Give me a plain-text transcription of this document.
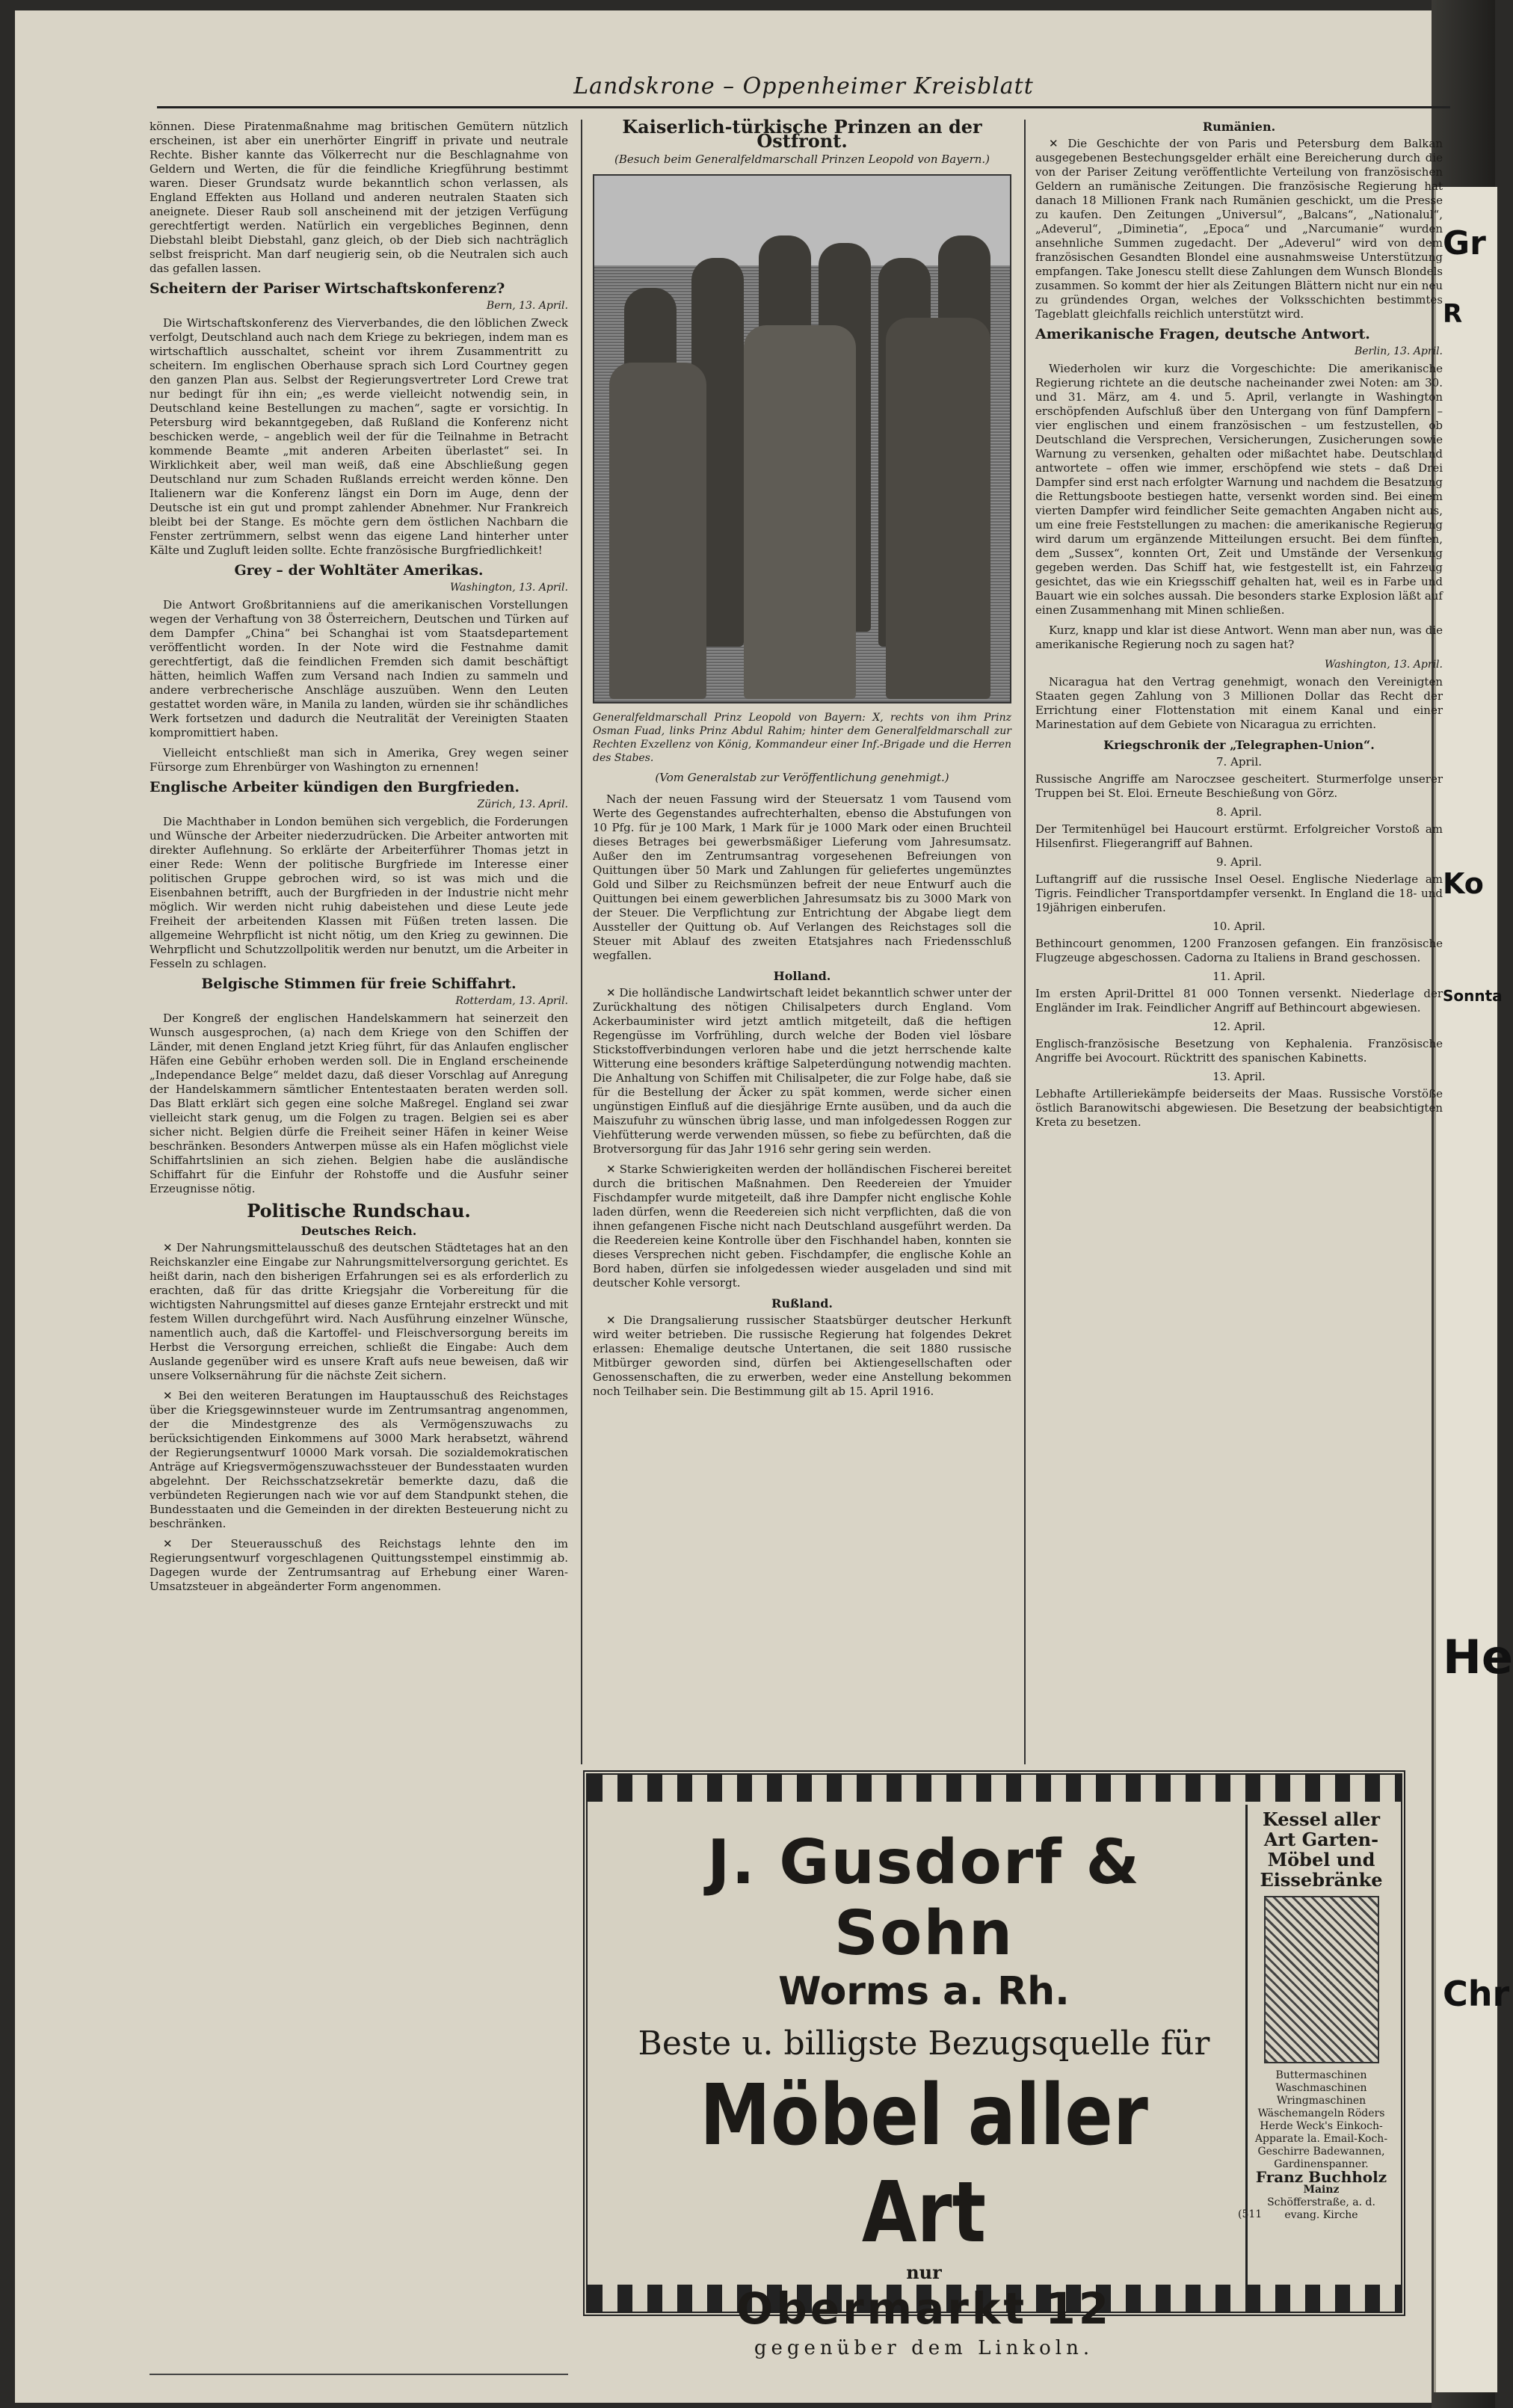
Gr
R
Ko
Sonnta
He
Chr
Landskrone – Oppenheimer Kreisblatt

können. Diese Piratenmaßnahme mag britischen Gemütern nützlich erscheinen, ist aber ein unerhörter Eingriff in private und neutrale Rechte. Bisher kannte das Völkerrecht nur die Beschlagnahme von Geldern und Werten, die für die feindliche Kriegführung bestimmt waren. Dieser Grundsatz wurde bekanntlich schon verlassen, als England Effekten aus Holland und anderen neutralen Staaten sich aneignete. Dieser Raub soll anscheinend mit der jetzigen Verfügung gerechtfertigt werden. Natürlich ein vergebliches Beginnen, denn Diebstahl bleibt Diebstahl, ganz gleich, ob der Dieb sich nachträglich selbst freispricht. Man darf neugierig sein, ob die Neutralen sich auch das gefallen lassen.

Scheitern der Pariser Wirtschaftskonferenz?
Bern, 13. April.

Die Wirtschaftskonferenz des Vierverbandes, die den löblichen Zweck verfolgt, Deutschland auch nach dem Kriege zu bekriegen, indem man es wirtschaftlich ausschaltet, scheint vor ihrem Zusammentritt zu scheitern. Im englischen Oberhause sprach sich Lord Courtney gegen den ganzen Plan aus. Selbst der Regierungsvertreter Lord Crewe trat nur bedingt für ihn ein; „es werde vielleicht notwendig sein, in Deutschland keine Bestellungen zu machen“, sagte er vorsichtig. In Petersburg wird bekanntgegeben, daß Rußland die Konferenz nicht beschicken werde, – angeblich weil der für die Teilnahme in Betracht kommende Beamte „mit anderen Arbeiten überlastet“ sei. In Wirklichkeit aber, weil man weiß, daß eine Abschließung gegen Deutschland nur zum Schaden Rußlands erreicht werden könne. Den Italienern war die Konferenz längst ein Dorn im Auge, denn der Deutsche ist ein gut und prompt zahlender Abnehmer. Nur Frankreich bleibt bei der Stange. Es möchte gern dem östlichen Nachbarn die Fenster zertrümmern, selbst wenn das eigene Land hinterher unter Kälte und Zugluft leiden sollte. Echte französische Burgfriedlichkeit!

Grey – der Wohltäter Amerikas.
Washington, 13. April.

Die Antwort Großbritanniens auf die amerikanischen Vorstellungen wegen der Verhaftung von 38 Österreichern, Deutschen und Türken auf dem Dampfer „China“ bei Schanghai ist vom Staatsdepartement veröffentlicht worden. In der Note wird die Festnahme damit gerechtfertigt, daß die feindlichen Fremden sich damit beschäftigt hätten, heimlich Waffen zum Versand nach Indien zu sammeln und andere verbrecherische Anschläge auszuüben. Wenn den Leuten gestattet worden wäre, in Manila zu landen, würden sie ihr schändliches Werk fortsetzen und dadurch die Neutralität der Vereinigten Staaten kompromittiert haben.

Vielleicht entschließt man sich in Amerika, Grey wegen seiner Fürsorge zum Ehrenbürger von Washington zu ernennen!

Englische Arbeiter kündigen den Burgfrieden.
Zürich, 13. April.

Die Machthaber in London bemühen sich vergeblich, die Forderungen und Wünsche der Arbeiter niederzudrücken. Die Arbeiter antworten mit direkter Auflehnung. So erklärte der Arbeiterführer Thomas jetzt in einer Rede: Wenn der politische Burgfriede im Interesse einer politischen Gruppe gebrochen wird, so ist was mich und die Eisenbahnen betrifft, auch der Burgfrieden in der Industrie nicht mehr möglich. Wir werden nicht ruhig dabeistehen und diese Leute jede Freiheit der arbeitenden Klassen mit Füßen treten lassen. Die allgemeine Wehrpflicht ist nicht nötig, um den Krieg zu gewinnen. Die Wehrpflicht und Schutzzollpolitik werden nur benutzt, um die Arbeiter in Fesseln zu schlagen.

Belgische Stimmen für freie Schiffahrt.
Rotterdam, 13. April.

Der Kongreß der englischen Handelskammern hat seinerzeit den Wunsch ausgesprochen, (a) nach dem Kriege von den Schiffen der Länder, mit denen England jetzt Krieg führt, für das Anlaufen englischer Häfen eine Gebühr erhoben werden soll. Die in England erscheinende „Independance Belge“ meldet dazu, daß dieser Vorschlag auf Anregung der Handelskammern sämtlicher Ententestaaten beraten werden soll. Das Blatt erklärt sich gegen eine solche Maßregel. England sei zwar vielleicht stark genug, um die Folgen zu tragen. Belgien sei es aber sicher nicht. Belgien dürfe die Freiheit seiner Häfen in keiner Weise beschränken. Besonders Antwerpen müsse als ein Hafen möglichst viele Schiffahrtslinien an sich ziehen. Belgien habe die ausländische Schiffahrt für die Einfuhr der Rohstoffe und die Ausfuhr seiner Erzeugnisse nötig.

Politische Rundschau.
Deutsches Reich.

✕ Der Nahrungsmittelausschuß des deutschen Städtetages hat an den Reichskanzler eine Eingabe zur Nahrungsmittelversorgung gerichtet. Es heißt darin, nach den bisherigen Erfahrungen sei es als erforderlich zu erachten, daß für das dritte Kriegsjahr die Vorbereitung für die wichtigsten Nahrungsmittel auf dieses ganze Erntejahr erstreckt und mit festem Willen durchgeführt wird. Nach Ausführung einzelner Wünsche, namentlich auch, daß die Kartoffel- und Fleischversorgung bereits im Herbst die Versorgung erreichen, schließt die Eingabe: Auch dem Auslande gegenüber wird es unsere Kraft aufs neue beweisen, daß wir unsere Volksernährung für die nächste Zeit sichern.

✕ Bei den weiteren Beratungen im Hauptausschuß des Reichstages über die Kriegsgewinnsteuer wurde im Zentrumsantrag angenommen, der die Mindestgrenze des als Vermögenszuwachs zu berücksichtigenden Einkommens auf 3000 Mark herabsetzt, während der Regierungsentwurf 10000 Mark vorsah. Die sozialdemokratischen Anträge auf Kriegsvermögenszuwachssteuer der Bundesstaaten wurden abgelehnt. Der Reichsschatzsekretär bemerkte dazu, daß die verbündeten Regierungen nach wie vor auf dem Standpunkt stehen, die Bundesstaaten und die Gemeinden in der direkten Besteuerung nicht zu beschränken.

✕ Der Steuerausschuß des Reichstags lehnte den im Regierungsentwurf vorgeschlagenen Quittungsstempel einstimmig ab. Dagegen wurde der Zentrumsantrag auf Erhebung einer Waren-Umsatzsteuer in abgeänderter Form angenommen.

Kaiserlich-türkische Prinzen an der Ostfront.
(Besuch beim Generalfeldmarschall Prinzen Leopold von Bayern.)
Generalfeldmarschall Prinz Leopold von Bayern: X, rechts von ihm Prinz Osman Fuad, links Prinz Abdul Rahim; hinter dem Generalfeldmarschall zur Rechten Exzellenz von König, Kommandeur einer Inf.-Brigade und die Herren des Stabes.
(Vom Generalstab zur Veröffentlichung genehmigt.)

Nach der neuen Fassung wird der Steuersatz 1 vom Tausend vom Werte des Gegenstandes aufrechterhalten, ebenso die Abstufungen von 10 Pfg. für je 100 Mark, 1 Mark für je 1000 Mark oder einen Bruchteil dieses Betrages bei gewerbsmäßiger Lieferung vom Jahresumsatz. Außer den im Zentrumsantrag vorgesehenen Befreiungen von Quittungen über 50 Mark und Zahlungen für geliefertes ungemünztes Gold und Silber zu Reichsmünzen befreit der neue Entwurf auch die Quittungen bei einem gewerblichen Jahresumsatz bis zu 3000 Mark von der Steuer. Die Verpflichtung zur Entrichtung der Abgabe liegt dem Aussteller der Quittung ob. Auf Verlangen des Reichstages soll die Steuer mit Ablauf des zweiten Etatsjahres nach Friedensschluß wegfallen.

Holland.

✕ Die holländische Landwirtschaft leidet bekanntlich schwer unter der Zurückhaltung des nötigen Chilisalpeters durch England. Vom Ackerbauminister wird jetzt amtlich mitgeteilt, daß die heftigen Regengüsse im Vorfrühling, durch welche der Boden viel lösbare Stickstoffverbindungen verloren habe und die jetzt herrschende kalte Witterung eine besonders kräftige Salpeterdüngung notwendig machten. Die Anhaltung von Schiffen mit Chilisalpeter, die zur Folge habe, daß sie für die Bestellung der Äcker zu spät kommen, werde sicher einen ungünstigen Einfluß auf die diesjährige Ernte ausüben, und da auch die Maiszufuhr zu wünschen übrig lasse, und man infolgedessen Roggen zur Viehfütterung werde verwenden müssen, so fiebe zu befürchten, daß die Brotversorgung für das Jahr 1916 sehr gering sein werden.

✕ Starke Schwierigkeiten werden der holländischen Fischerei bereitet durch die britischen Maßnahmen. Den Reedereien der Ymuider Fischdampfer wurde mitgeteilt, daß ihre Dampfer nicht englische Kohle laden dürfen, wenn die Reedereien sich nicht verpflichten, daß die von ihnen gefangenen Fische nicht nach Deutschland ausgeführt werden. Da die Reedereien keine Kontrolle über den Fischhandel haben, konnten sie dieses Versprechen nicht geben. Fischdampfer, die englische Kohle an Bord haben, dürfen sie infolgedessen wieder ausgeladen und sind mit deutscher Kohle versorgt.

Rußland.

✕ Die Drangsalierung russischer Staatsbürger deutscher Herkunft wird weiter betrieben. Die russische Regierung hat folgendes Dekret erlassen: Ehemalige deutsche Untertanen, die seit 1880 russische Mitbürger geworden sind, dürfen bei Aktiengesellschaften oder Genossenschaften, die zu erwerben, weder eine Anstellung bekommen noch Teilhaber sein. Die Bestimmung gilt ab 15. April 1916.

Rumänien.

✕ Die Geschichte der von Paris und Petersburg dem Balkan ausgegebenen Bestechungsgelder erhält eine Bereicherung durch die von der Pariser Zeitung veröffentlichte Verteilung von französischen Geldern an rumänische Zeitungen. Die französische Regierung hat danach 18 Millionen Frank nach Rumänien geschickt, um die Presse zu kaufen. Den Zeitungen „Universul“, „Balcans“, „Nationalul“, „Adeverul“, „Diminetia“, „Epoca“ und „Narcumanie“ wurden ansehnliche Summen zugedacht. Der „Adeverul“ wird von dem französischen Gesandten Blondel eine ausnahmsweise Unterstützung empfangen. Take Jonescu stellt diese Zahlungen dem Wunsch Blondels zusammen. So kommt der hier als Zeitungen Blättern nicht nur ein neu zu gründendes Organ, welches der Volksschichten bestimmtes Tageblatt gleichfalls reichlich unterstützt wird.

Amerikanische Fragen, deutsche Antwort.
Berlin, 13. April.

Wiederholen wir kurz die Vorgeschichte: Die amerikanische Regierung richtete an die deutsche nacheinander zwei Noten: am 30. und 31. März, am 4. und 5. April, verlangte in Washington erschöpfenden Aufschluß über den Untergang von fünf Dampfern – vier englischen und einem französischen – um festzustellen, ob Deutschland die Versprechen, Versicherungen, Zusicherungen sowie Warnung zu versenken, gehalten oder mißachtet habe. Deutschland antwortete – offen wie immer, erschöpfend wie stets – daß Drei Dampfer sind erst nach erfolgter Warnung und nachdem die Besatzung die Rettungsboote bestiegen hatte, versenkt worden sind. Bei einem vierten Dampfer wird feindlicher Seite gemachten Angaben nicht aus, um eine freie Feststellungen zu machen: die amerikanische Regierung wird darum um ergänzende Mitteilungen ersucht. Bei dem fünften, dem „Sussex“, konnten Ort, Zeit und Umstände der Versenkung gegeben werden. Das Schiff hat, wie festgestellt ist, ein Fahrzeug gesichtet, das wie ein Kriegsschiff gehalten hat, weil es in Farbe und Bauart wie ein solches aussah. Die besonders starke Explosion läßt auf einen Zusammenhang mit Minen schließen.

Kurz, knapp und klar ist diese Antwort. Wenn man aber nun, was die amerikanische Regierung noch zu sagen hat?

Washington, 13. April.

Nicaragua hat den Vertrag genehmigt, wonach den Vereinigten Staaten gegen Zahlung von 3 Millionen Dollar das Recht der Errichtung einer Flottenstation mit einem Kanal und einer Marinestation auf dem Gebiete von Nicaragua zu errichten.

Kriegschronik der „Telegraphen-Union“.
7. April.
Russische Angriffe am Naroczsee gescheitert. Sturmerfolge unserer Truppen bei St. Eloi. Erneute Beschießung von Görz.
8. April.
Der Termitenhügel bei Haucourt erstürmt. Erfolgreicher Vorstoß am Hilsenfirst. Fliegerangriff auf Bahnen.
9. April.
Luftangriff auf die russische Insel Oesel. Englische Niederlage am Tigris. Feindlicher Transportdampfer versenkt. In England die 18- und 19jährigen einberufen.
10. April.
Bethincourt genommen, 1200 Franzosen gefangen. Ein französische Flugzeuge abgeschossen. Cadorna zu Italiens in Brand geschossen.
11. April.
Im ersten April-Drittel 81 000 Tonnen versenkt. Niederlage der Engländer im Irak. Feindlicher Angriff auf Bethincourt abgewiesen.
12. April.
Englisch-französische Besetzung von Kephalenia. Französische Angriffe bei Avocourt. Rücktritt des spanischen Kabinetts.
13. April.
Lebhafte Artilleriekämpfe beiderseits der Maas. Russische Vorstöße östlich Baranowitschi abgewiesen. Die Besetzung der beabsichtigten Kreta zu besetzen.
J. Gusdorf & Sohn
Worms a. Rh.
Beste u. billigste Bezugsquelle für
Möbel aller Art
nur
Obermarkt 12
gegenüber dem Linkoln.
(511
Kessel aller Art Garten-Möbel und Eissebränke
Buttermaschinen Waschmaschinen Wringmaschinen Wäschemangeln Röders Herde Weck's Einkoch-Apparate la. Email-Koch-Geschirre Badewannen, Gardinenspanner.
Franz Buchholz
Mainz
Schöfferstraße, a. d. evang. Kirche
